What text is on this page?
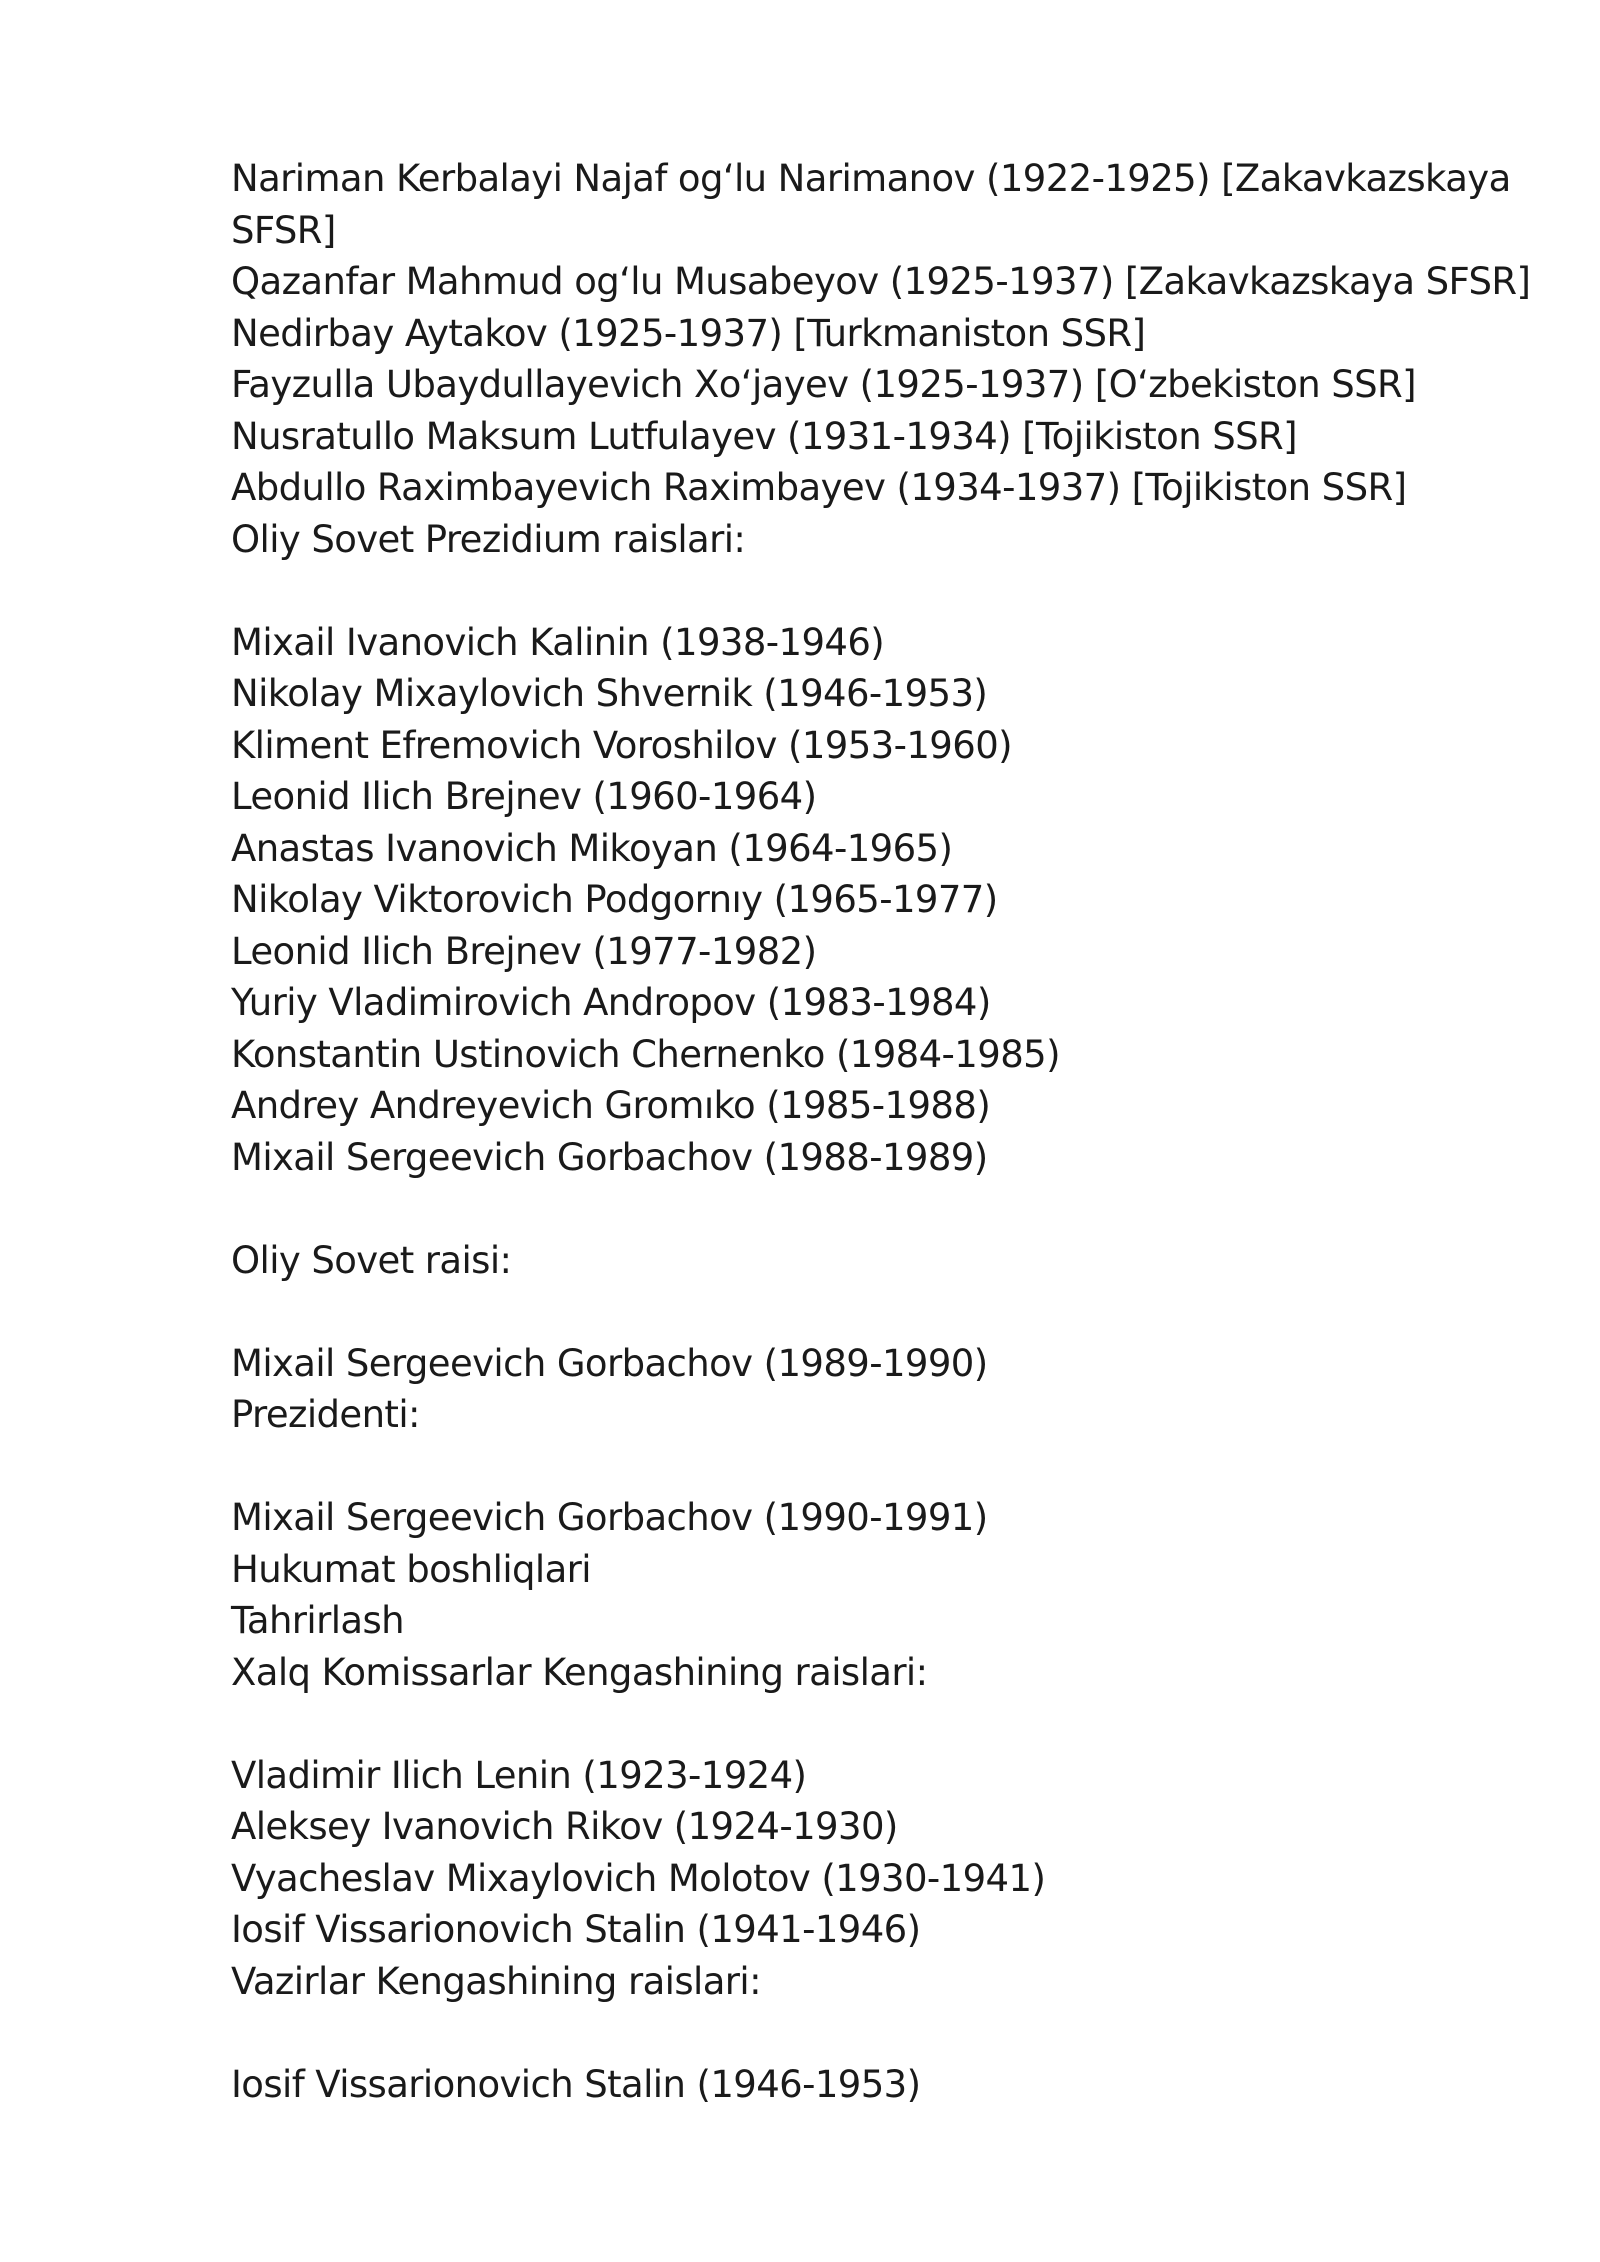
Nariman Kerbalayi Najaf og‘lu Narimanov (1922-1925) [Zakavkazskaya SFSR]
Qazanfar Mahmud og‘lu Musabeyov (1925-1937) [Zakavkazskaya SFSR]
Nedirbay Aytakov (1925-1937) [Turkmaniston SSR]
Fayzulla Ubaydullayevich Xo‘jayev (1925-1937) [O‘zbekiston SSR]
Nusratullo Maksum Lutfulayev (1931-1934) [Tojikiston SSR]
Abdullo Raximbayevich Raximbayev (1934-1937) [Tojikiston SSR]
Oliy Sovet Prezidium raislari:
Mixail Ivanovich Kalinin (1938-1946)
Nikolay Mixaylovich Shvernik (1946-1953)
Kliment Efremovich Voroshilov (1953-1960)
Leonid Ilich Brejnev (1960-1964)
Anastas Ivanovich Mikoyan (1964-1965)
Nikolay Viktorovich Podgornıy (1965-1977)
Leonid Ilich Brejnev (1977-1982)
Yuriy Vladimirovich Andropov (1983-1984)
Konstantin Ustinovich Chernenko (1984-1985)
Andrey Andreyevich Gromıko (1985-1988)
Mixail Sergeevich Gorbachov (1988-1989)
Oliy Sovet raisi:
Mixail Sergeevich Gorbachov (1989-1990)
Prezidenti:
Mixail Sergeevich Gorbachov (1990-1991)
Hukumat boshliqlari
Tahrirlash
Xalq Komissarlar Kengashining raislari:
Vladimir Ilich Lenin (1923-1924)
Aleksey Ivanovich Rikov (1924-1930)
Vyacheslav Mixaylovich Molotov (1930-1941)
Iosif Vissarionovich Stalin (1941-1946)
Vazirlar Kengashining raislari:
Iosif Vissarionovich Stalin (1946-1953)
